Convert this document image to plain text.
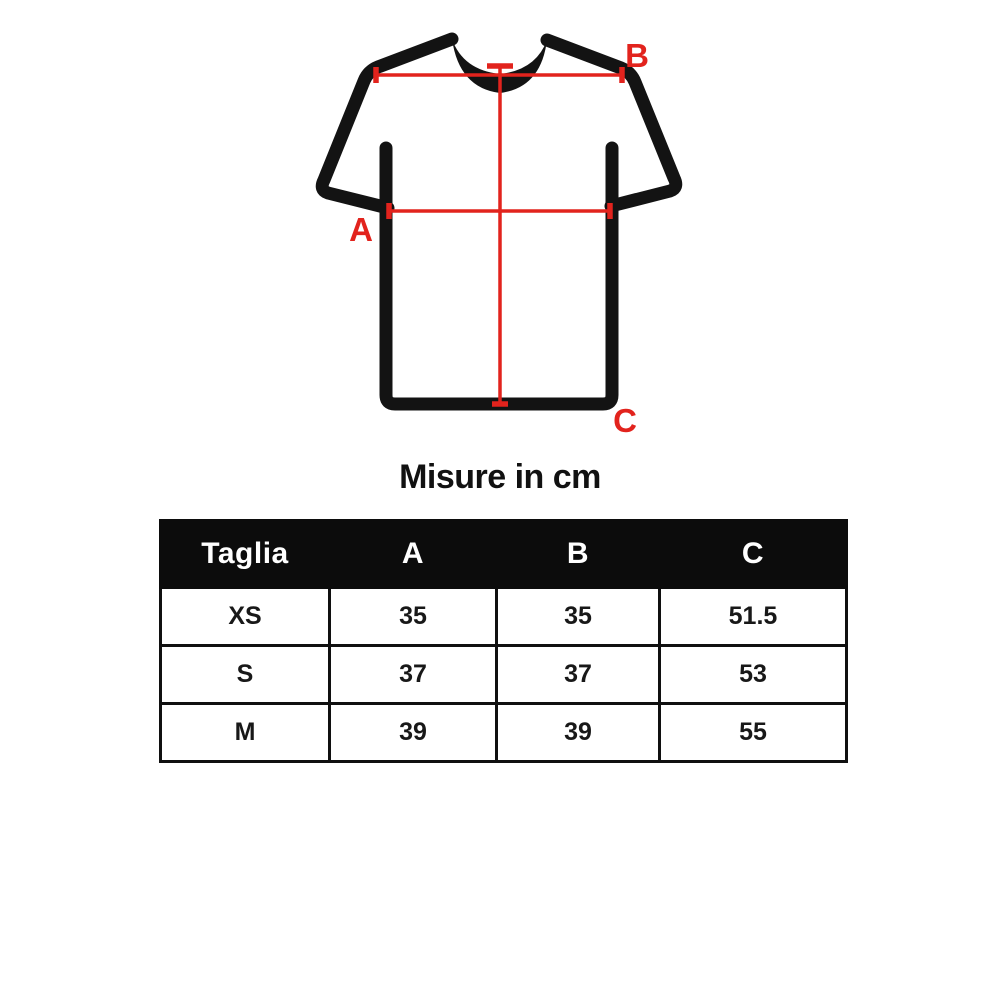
A
B
C
Misure in cm
Taglia	A	B	C
XS	35	35	51.5
S	37	37	53
M	39	39	55
